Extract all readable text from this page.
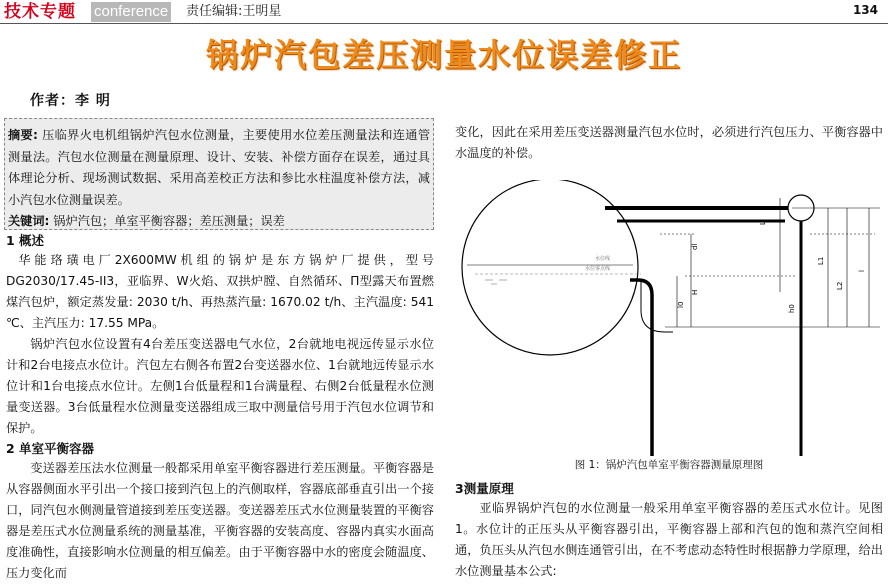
技术专题	conference 责任编辑:王明星	134
锅炉汽包差压测量水位误差修正
作者：李 明
摘要: 压临界火电机组锅炉汽包水位测量，主要使用水位差压测量法和连通管测量法。汽包水位测量在测量原理、设计、安装、补偿方面存在误差，通过具体理论分析、现场测试数据、采用高差校正方法和参比水柱温度补偿方法，减小汽包水位测量误差。
关键词: 锅炉汽包；单室平衡容器；差压测量；误差
1 概述
华能珞璜电厂2X600MW机组的锅炉是东方锅炉厂提供，型号DG2030/17.45-II3，亚临界、W火焰、双拱炉膛、自然循环、Π型露天布置燃煤汽包炉，额定蒸发量: 2030 t/h、再热蒸汽量: 1670.02 t/h、主汽温度: 541 ℃、主汽压力: 17.55 MPa。
锅炉汽包水位设置有4台差压变送器电气水位，2台就地电视远传显示水位计和2台电接点水位计。汽包左右侧各布置2台变送器水位、1台就地远传显示水位计和1台电接点水位计。左侧1台低量程和1台满量程、右侧2台低量程水位测量变送器。3台低量程水位测量变送器组成三取中测量信号用于汽包水位调节和保护。
2 单室平衡容器
变送器差压法水位测量一般都采用单室平衡容器进行差压测量。平衡容器是从容器侧面水平引出一个接口接到汽包上的汽侧取样，容器底部垂直引出一个接口，同汽包水侧测量管道接到差压变送器。变送器差压式水位测量装置的平衡容器是差压式水位测量系统的测量基准，平衡容器的安装高度、容器内真实水面高度准确性，直接影响水位测量的相互偏差。由于平衡容器中水的密度会随温度、压力变化而
变化，因此在采用差压变送器测量汽包水位时，必须进行汽包压力、平衡容器中水温度的补偿。
水位线
水位零点线
L
l0
H
dl
L1
L2
l
h0
图 1：锅炉汽包单室平衡容器测量原理图
3测量原理
亚临界锅炉汽包的水位测量一般采用单室平衡容器的差压式水位计。见图 1。水位计的正压头从平衡容器引出，平衡容器上部和汽包的饱和蒸汽空间相通，负压头从汽包水侧连通管引出，在不考虑动态特性时根据静力学原理，给出水位测量基本公式:
